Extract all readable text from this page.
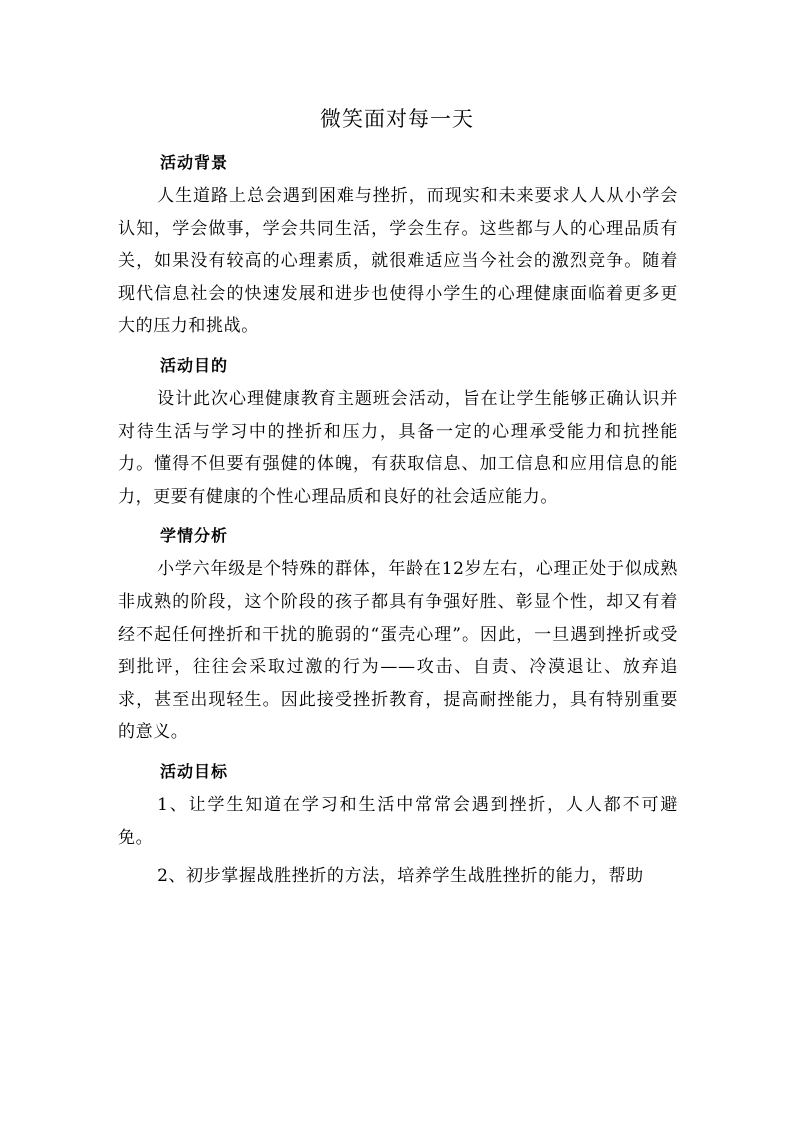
微笑面对每一天
活动背景
人生道路上总会遇到困难与挫折，而现实和未来要求人人从小学会认知，学会做事，学会共同生活，学会生存。这些都与人的心理品质有关，如果没有较高的心理素质，就很难适应当今社会的激烈竞争。随着现代信息社会的快速发展和进步也使得小学生的心理健康面临着更多更大的压力和挑战。
活动目的
设计此次心理健康教育主题班会活动，旨在让学生能够正确认识并对待生活与学习中的挫折和压力，具备一定的心理承受能力和抗挫能力。懂得不但要有强健的体魄，有获取信息、加工信息和应用信息的能力，更要有健康的个性心理品质和良好的社会适应能力。
学情分析
小学六年级是个特殊的群体，年龄在12岁左右，心理正处于似成熟非成熟的阶段，这个阶段的孩子都具有争强好胜、彰显个性，却又有着经不起任何挫折和干扰的脆弱的“蛋壳心理”。因此，一旦遇到挫折或受到批评，往往会采取过激的行为——攻击、自责、冷漠退让、放弃追求，甚至出现轻生。因此接受挫折教育，提高耐挫能力，具有特别重要的意义。
活动目标
1、让学生知道在学习和生活中常常会遇到挫折，人人都不可避免。
2、初步掌握战胜挫折的方法，培养学生战胜挫折的能力，帮助
